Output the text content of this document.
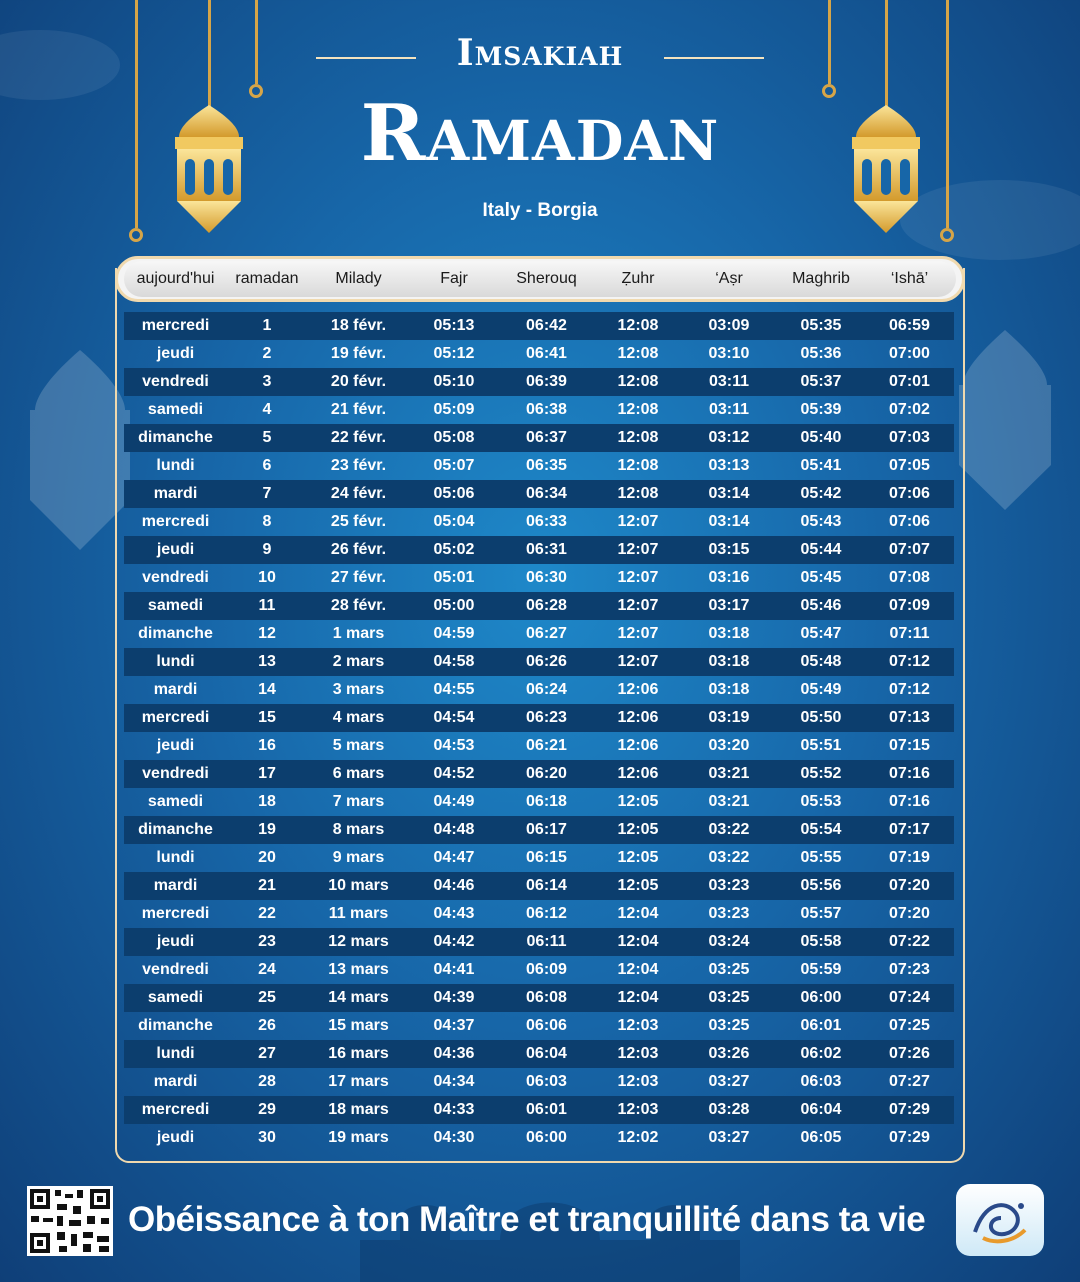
Imsakiah
Ramadan
Italy - Borgia
aujourd'hui	ramadan	Milady	Fajr	Sherouq	Ẓuhr	‘Aṣr	Maghrib	‘Ishā’
mercredi	1	18 févr.	05:13	06:42	12:08	03:09	05:35	06:59
jeudi	2	19 févr.	05:12	06:41	12:08	03:10	05:36	07:00
vendredi	3	20 févr.	05:10	06:39	12:08	03:11	05:37	07:01
samedi	4	21 févr.	05:09	06:38	12:08	03:11	05:39	07:02
dimanche	5	22 févr.	05:08	06:37	12:08	03:12	05:40	07:03
lundi	6	23 févr.	05:07	06:35	12:08	03:13	05:41	07:05
mardi	7	24 févr.	05:06	06:34	12:08	03:14	05:42	07:06
mercredi	8	25 févr.	05:04	06:33	12:07	03:14	05:43	07:06
jeudi	9	26 févr.	05:02	06:31	12:07	03:15	05:44	07:07
vendredi	10	27 févr.	05:01	06:30	12:07	03:16	05:45	07:08
samedi	11	28 févr.	05:00	06:28	12:07	03:17	05:46	07:09
dimanche	12	1 mars	04:59	06:27	12:07	03:18	05:47	07:11
lundi	13	2 mars	04:58	06:26	12:07	03:18	05:48	07:12
mardi	14	3 mars	04:55	06:24	12:06	03:18	05:49	07:12
mercredi	15	4 mars	04:54	06:23	12:06	03:19	05:50	07:13
jeudi	16	5 mars	04:53	06:21	12:06	03:20	05:51	07:15
vendredi	17	6 mars	04:52	06:20	12:06	03:21	05:52	07:16
samedi	18	7 mars	04:49	06:18	12:05	03:21	05:53	07:16
dimanche	19	8 mars	04:48	06:17	12:05	03:22	05:54	07:17
lundi	20	9 mars	04:47	06:15	12:05	03:22	05:55	07:19
mardi	21	10 mars	04:46	06:14	12:05	03:23	05:56	07:20
mercredi	22	11 mars	04:43	06:12	12:04	03:23	05:57	07:20
jeudi	23	12 mars	04:42	06:11	12:04	03:24	05:58	07:22
vendredi	24	13 mars	04:41	06:09	12:04	03:25	05:59	07:23
samedi	25	14 mars	04:39	06:08	12:04	03:25	06:00	07:24
dimanche	26	15 mars	04:37	06:06	12:03	03:25	06:01	07:25
lundi	27	16 mars	04:36	06:04	12:03	03:26	06:02	07:26
mardi	28	17 mars	04:34	06:03	12:03	03:27	06:03	07:27
mercredi	29	18 mars	04:33	06:01	12:03	03:28	06:04	07:29
jeudi	30	19 mars	04:30	06:00	12:02	03:27	06:05	07:29
Obéissance à ton Maître et tranquillité dans ta vie
